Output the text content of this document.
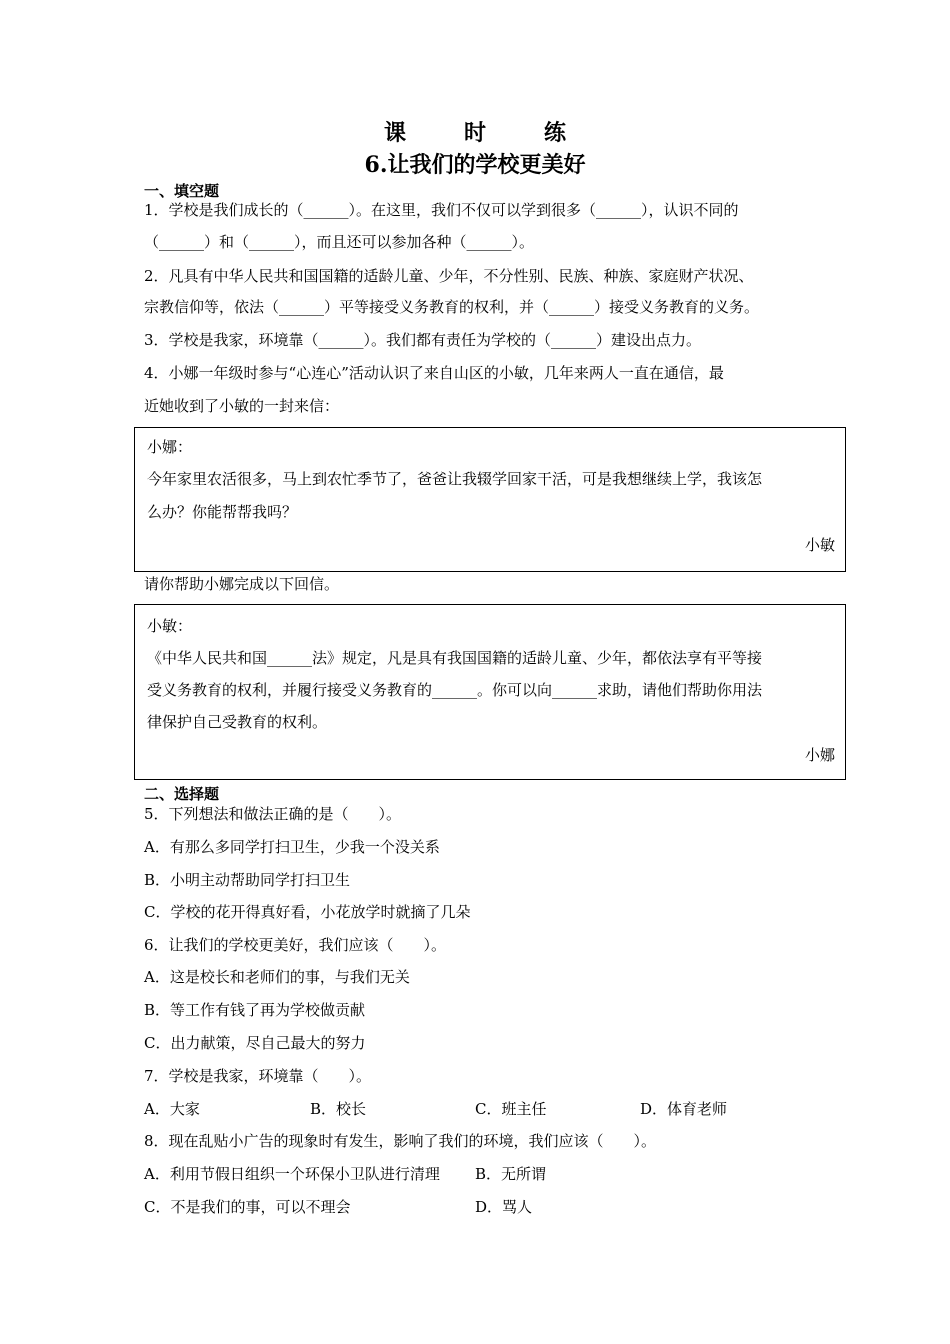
课　时　练
6.让我们的学校更美好
一、填空题
1．学校是我们成长的（______）。在这里，我们不仅可以学到很多（______），认识不同的
（______）和（______），而且还可以参加各种（______）。
2．凡具有中华人民共和国国籍的适龄儿童、少年，不分性别、民族、种族、家庭财产状况、
宗教信仰等，依法（______）平等接受义务教育的权利，并（______）接受义务教育的义务。
3．学校是我家，环境靠（______）。我们都有责任为学校的（______）建设出点力。
4．小娜一年级时参与“心连心”活动认识了来自山区的小敏，几年来两人一直在通信，最
近她收到了小敏的一封来信：
小娜：
今年家里农活很多，马上到农忙季节了，爸爸让我辍学回家干活，可是我想继续上学，我该怎
么办？你能帮帮我吗？
小敏
请你帮助小娜完成以下回信。
小敏：
《中华人民共和国______法》规定，凡是具有我国国籍的适龄儿童、少年，都依法享有平等接
受义务教育的权利，并履行接受义务教育的______。你可以向______求助，请他们帮助你用法
律保护自己受教育的权利。
小娜
二、选择题
5．下列想法和做法正确的是（　　）。
A．有那么多同学打扫卫生，少我一个没关系
B．小明主动帮助同学打扫卫生
C．学校的花开得真好看，小花放学时就摘了几朵
6．让我们的学校更美好，我们应该（　　）。
A．这是校长和老师们的事，与我们无关
B．等工作有钱了再为学校做贡献
C．出力献策，尽自己最大的努力
7．学校是我家，环境靠（　　）。
A．大家	B．校长	C．班主任	D．体育老师
8．现在乱贴小广告的现象时有发生，影响了我们的环境，我们应该（　　）。
A．利用节假日组织一个环保小卫队进行清理 B．无所谓
C．不是我们的事，可以不理会	D．骂人
